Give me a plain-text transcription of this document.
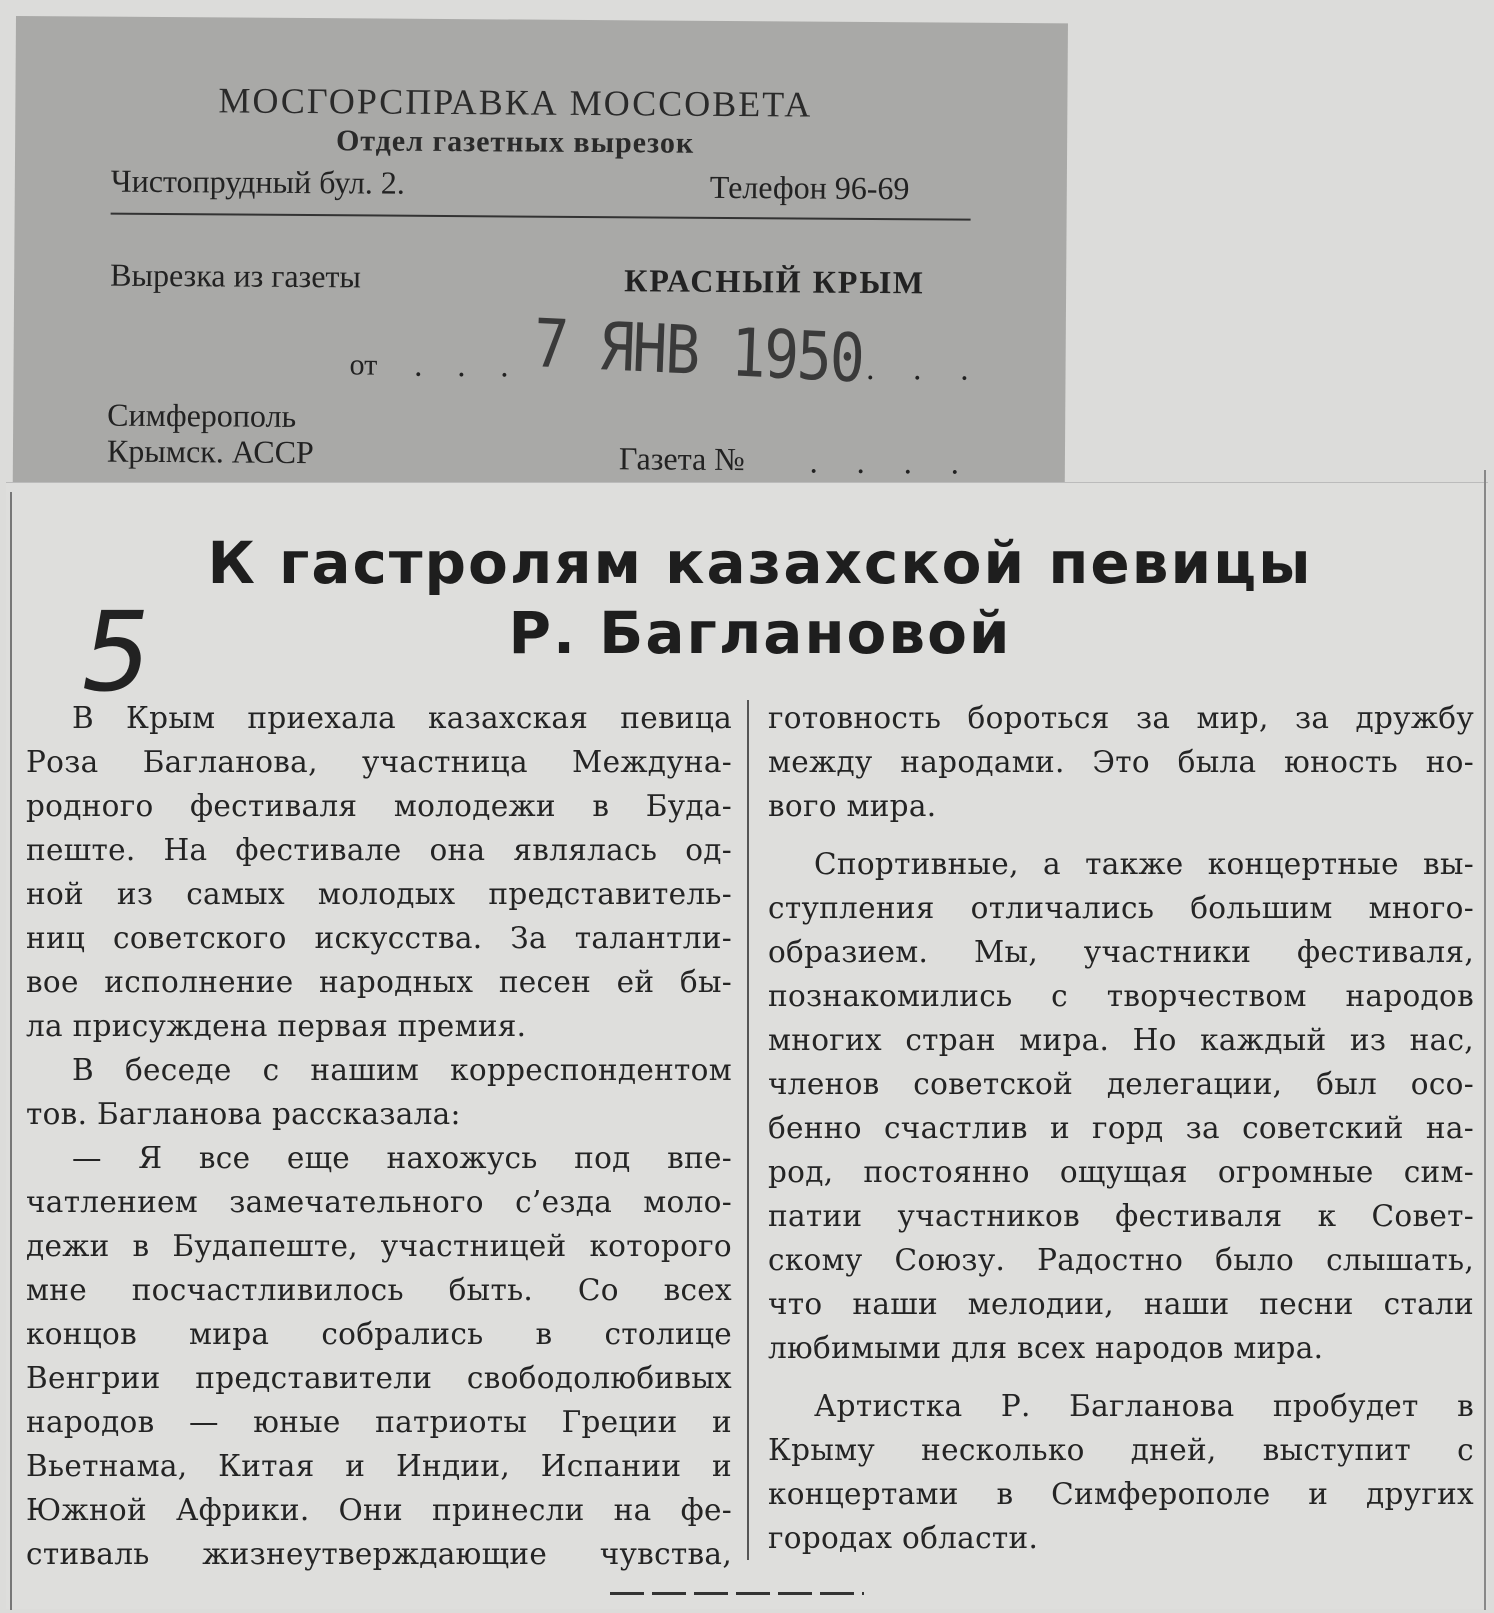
МОСГОРСПРАВКА МОССОВЕТА
Отдел газетных вырезок
Чистопрудный бул. 2.	Телефон 96-69
Вырезка из газеты	КРАСНЫЙ КРЫМ
от . . . 7 ЯНВ 1950 . . .
Симферополь
Крымск. АССР	Газета № . . . .
5
К гастролям казахской певицы
Р. Баглановой
В Крым приехала казахская певица
Роза Багланова, участница Междуна-
родного фестиваля молодежи в Буда-
пеште. На фестивале она являлась од-
ной из самых молодых представитель-
ниц советского искусства. За талантли-
вое исполнение народных песен ей бы-
ла присуждена первая премия.
В беседе с нашим корреспондентом
тов. Багланова рассказала:
— Я все еще нахожусь под впе-
чатлением замечательного с’езда моло-
дежи в Будапеште, участницей которого
мне посчастливилось быть. Со всех
концов мира собрались в столице
Венгрии представители свободолюбивых
народов — юные патриоты Греции и
Вьетнама, Китая и Индии, Испании и
Южной Африки. Они принесли на фе-
стиваль жизнеутверждающие чувства,
готовность бороться за мир, за дружбу
между народами. Это была юность но-
вого мира.
Спортивные, а также концертные вы-
ступления отличались большим много-
образием. Мы, участники фестиваля,
познакомились с творчеством народов
многих стран мира. Но каждый из нас,
членов советской делегации, был осо-
бенно счастлив и горд за советский на-
род, постоянно ощущая огромные сим-
патии участников фестиваля к Совет-
скому Союзу. Радостно было слышать,
что наши мелодии, наши песни стали
любимыми для всех народов мира.
Артистка Р. Багланова пробудет в
Крыму несколько дней, выступит с
концертами в Симферополе и других
городах области.
